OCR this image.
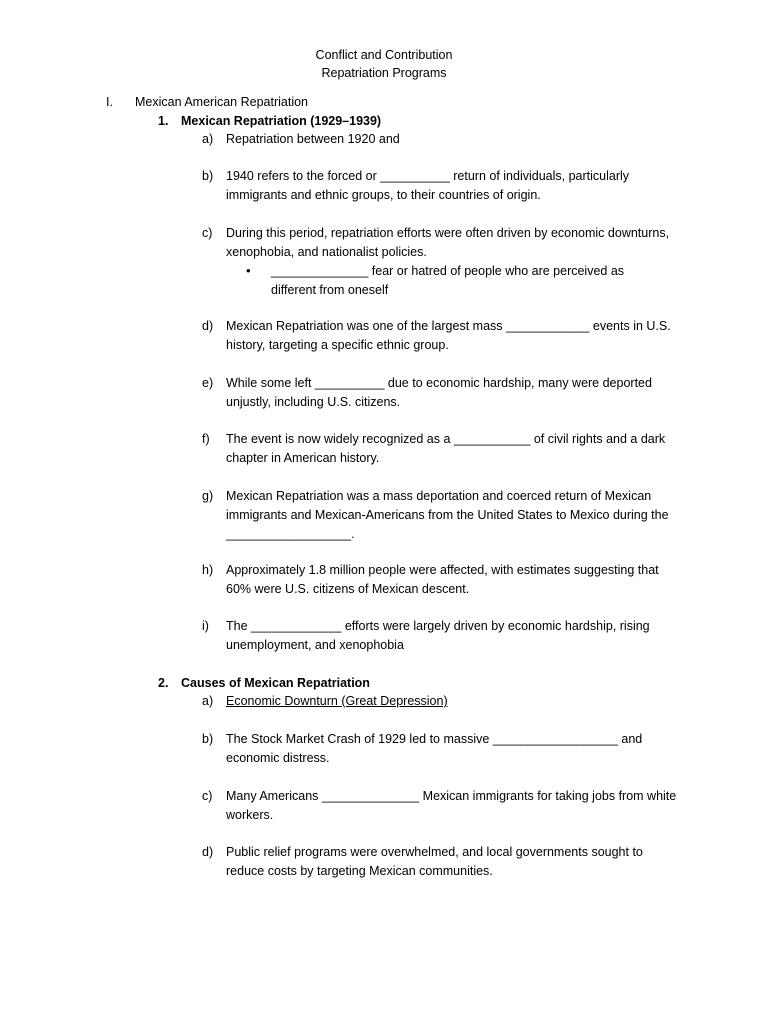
Conflict and Contribution
Repatriation Programs
I. Mexican American Repatriation
1. Mexican Repatriation (1929–1939)
a) Repatriation between 1920 and
b) 1940 refers to the forced or __________ return of individuals, particularly immigrants and ethnic groups, to their countries of origin.
c) During this period, repatriation efforts were often driven by economic downturns, xenophobia, and nationalist policies.
• ______________ fear or hatred of people who are perceived as different from oneself
d) Mexican Repatriation was one of the largest mass ____________ events in U.S. history, targeting a specific ethnic group.
e) While some left __________ due to economic hardship, many were deported unjustly, including U.S. citizens.
f) The event is now widely recognized as a ___________ of civil rights and a dark chapter in American history.
g) Mexican Repatriation was a mass deportation and coerced return of Mexican immigrants and Mexican-Americans from the United States to Mexico during the __________________.
h) Approximately 1.8 million people were affected, with estimates suggesting that 60% were U.S. citizens of Mexican descent.
i) The _____________ efforts were largely driven by economic hardship, rising unemployment, and xenophobia
2. Causes of Mexican Repatriation
a) Economic Downturn (Great Depression)
b) The Stock Market Crash of 1929 led to massive __________________ and economic distress.
c) Many Americans ______________ Mexican immigrants for taking jobs from white workers.
d) Public relief programs were overwhelmed, and local governments sought to reduce costs by targeting Mexican communities.
